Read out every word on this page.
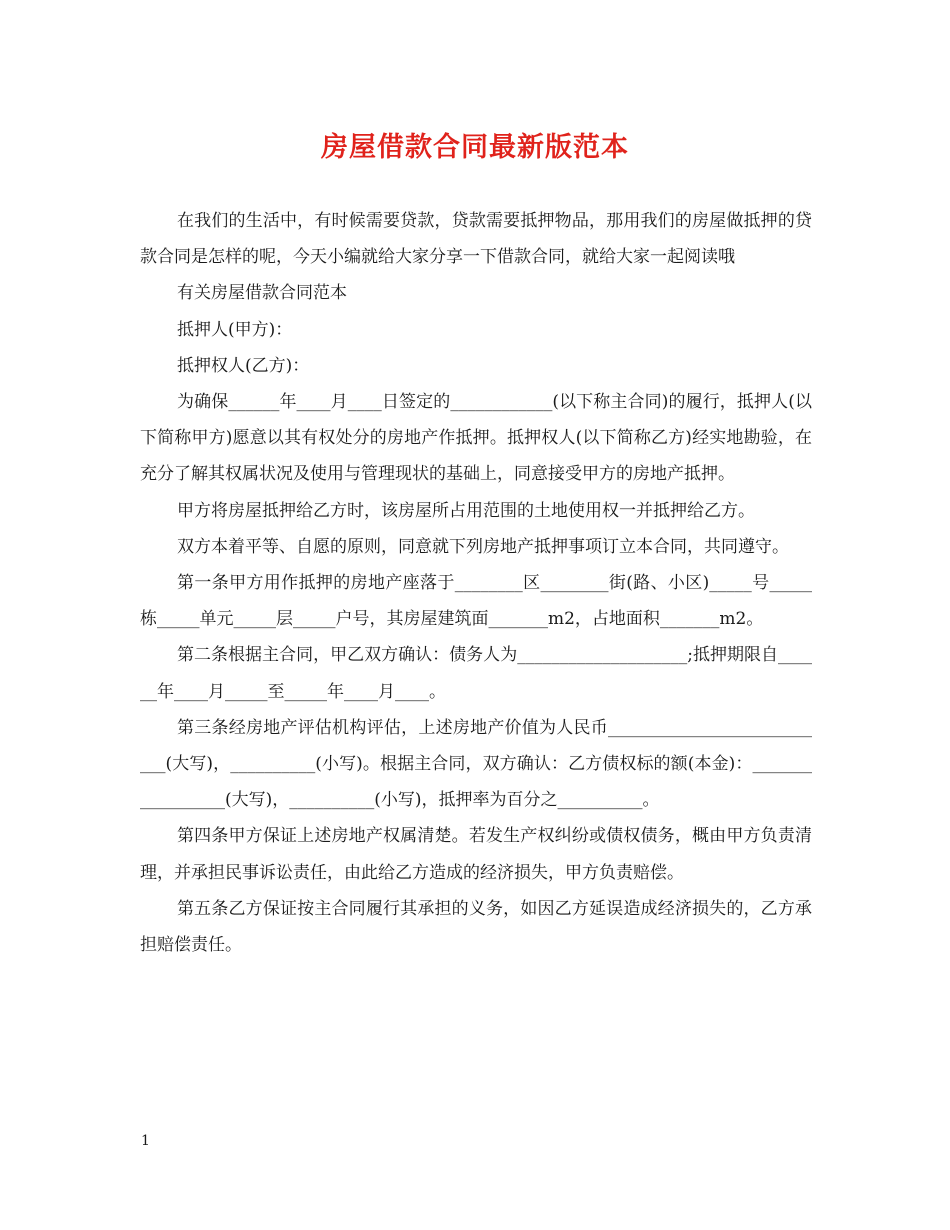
房屋借款合同最新版范本

在我们的生活中，有时候需要贷款，贷款需要抵押物品，那用我们的房屋做抵押的贷款合同是怎样的呢，今天小编就给大家分享一下借款合同，就给大家一起阅读哦

有关房屋借款合同范本

抵押人(甲方)：

抵押权人(乙方)：

为确保______年____月____日签定的____________(以下称主合同)的履行，抵押人(以下简称甲方)愿意以其有权处分的房地产作抵押。抵押权人(以下简称乙方)经实地勘验，在充分了解其权属状况及使用与管理现状的基础上，同意接受甲方的房地产抵押。

甲方将房屋抵押给乙方时，该房屋所占用范围的土地使用权一并抵押给乙方。

双方本着平等、自愿的原则，同意就下列房地产抵押事项订立本合同，共同遵守。

第一条甲方用作抵押的房地产座落于________区________街(路、小区)_____号_____栋_____单元_____层_____户号，其房屋建筑面_______m2，占地面积_______m2。

第二条根据主合同，甲乙双方确认：债务人为____________________;抵押期限自______年____月_____至_____年____月____。

第三条经房地产评估机构评估，上述房地产价值为人民币___________________________(大写)，__________(小写)。根据主合同，双方确认：乙方债权标的额(本金)：_________________(大写)，__________(小写)，抵押率为百分之__________。

第四条甲方保证上述房地产权属清楚。若发生产权纠纷或债权债务，概由甲方负责清理，并承担民事诉讼责任，由此给乙方造成的经济损失，甲方负责赔偿。

第五条乙方保证按主合同履行其承担的义务，如因乙方延误造成经济损失的，乙方承担赔偿责任。

1
